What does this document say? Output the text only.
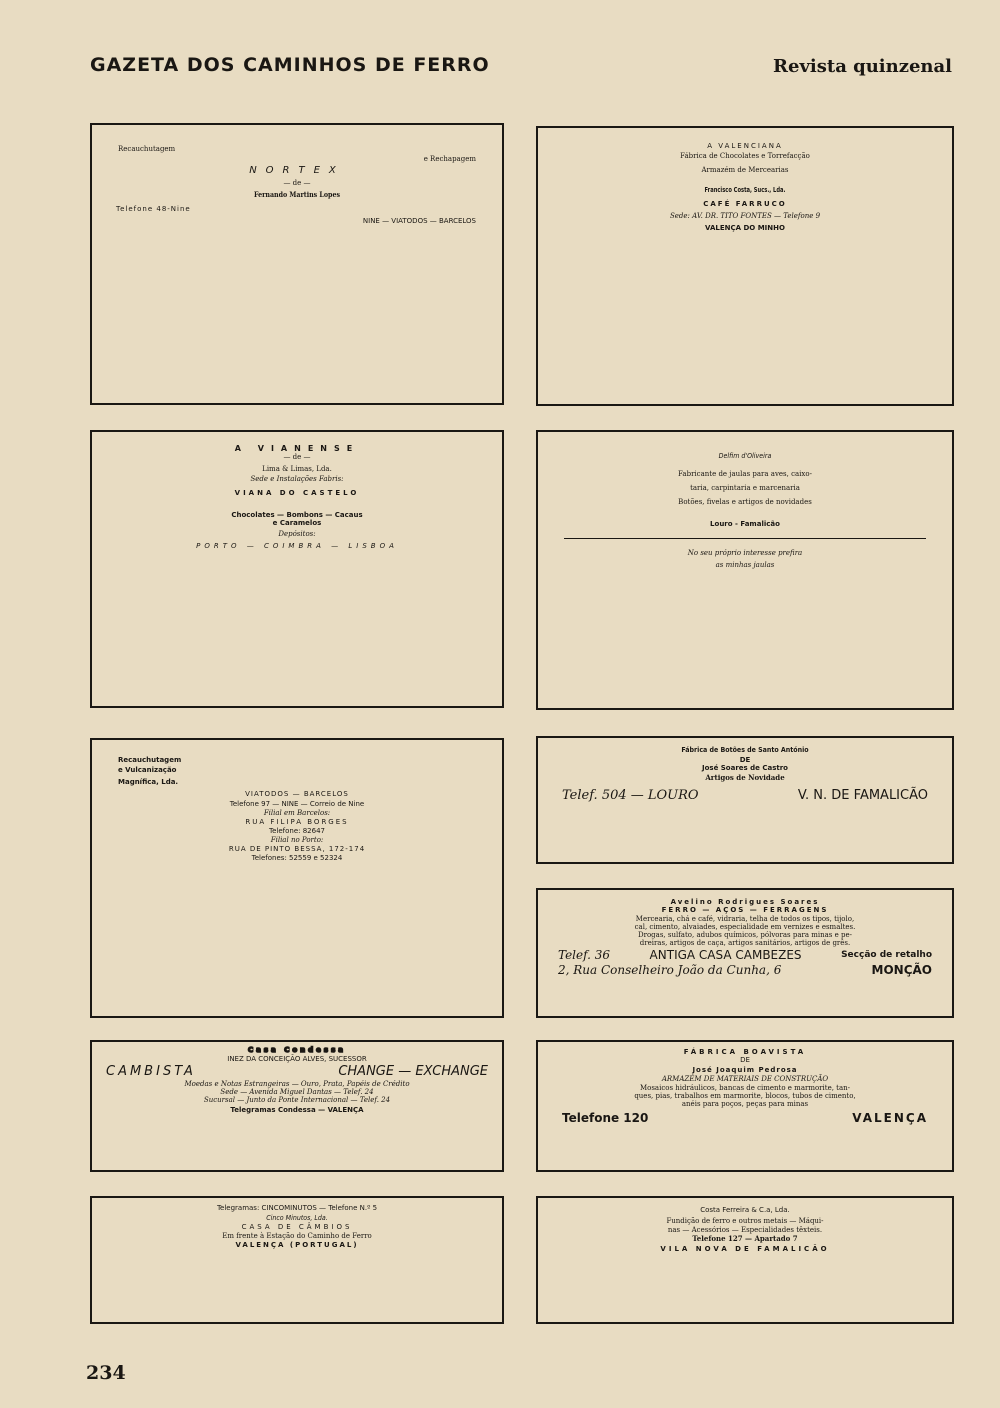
GAZETA DOS CAMINHOS DE FERRO	Revista quinzenal
Recauchutagem
e Rechapagem
NORTEX
— de —
Fernando Martins Lopes
Telefone 48-Nine
NINE — VIATODOS — BARCELOS
A VALENCIANA
Fábrica de Chocolates e Torrefacção
Armazém de Mercearias
Francisco Costa, Sucs., Lda.
CAFÉ FARRUCO
Sede: AV. DR. TITO FONTES — Telefone 9
VALENÇA DO MINHO
A VIANENSE
— de —
Lima & Limas, Lda.
Sede e Instalações Fabris:
VIANA DO CASTELO
Chocolates — Bombons — Cacaus
e Caramelos
Depósitos:
PORTO — COIMBRA — LISBOA
Delfim d'Oliveira
Fabricante de jaulas para aves, caixo-
taria, carpintaria e marcenaria
Botões, fivelas e artigos de novidades
Louro - Famalicão
No seu próprio interesse prefira
as minhas jaulas
Recauchutagem
e Vulcanização
Magnífica, Lda.
VIATODOS — BARCELOS
Telefone 97 — NINE — Correio de Nine
Filial em Barcelos:
RUA FILIPA BORGES
Telefone: 82647
Filial no Porto:
RUA DE PINTO BESSA, 172-174
Telefones: 52559 e 52324
Fábrica de Botões de Santo António
DE
José Soares de Castro
Artigos de Novidade
Telef. 504 — LOURO	V. N. DE FAMALICÃO
Avelino Rodrigues Soares
FERRO — AÇOS — FERRAGENS
Mercearia, chá e café, vidraria, telha de todos os tipos, tijolo,
cal, cimento, alvaiades, especialidade em vernizes e esmaltes.
Drogas, sulfato, adubos químicos, pólvoras para minas e pe-
dreiras, artigos de caça, artigos sanitários, artigos de grês.
Telef. 36	ANTIGA CASA CAMBEZES	Secção de retalho
2, Rua Conselheiro João da Cunha, 6	MONÇÃO
Casa Condessa
INEZ DA CONCEIÇÃO ALVES, SUCESSOR
CAMBISTA	CHANGE — EXCHANGE
Moedas e Notas Estrangeiras — Ouro, Prata, Papéis de Crédito
Sede — Avenida Miguel Dantas — Telef. 24
Sucursal — Junto da Ponte Internacional — Telef. 24
Telegramas Condessa — VALENÇA
FÁBRICA BOAVISTA
DE
José Joaquim Pedrosa
ARMAZÉM DE MATERIAIS DE CONSTRUÇÃO
Mosaicos hidráulicos, bancas de cimento e marmorite, tan-
ques, pias, trabalhos em marmorite, blocos, tubos de cimento,
anéis para poços, peças para minas
Telefone 120	VALENÇA
Telegramas: CINCOMINUTOS — Telefone N.º 5
Cinco Minutos, Lda.
CASA DE CÂMBIOS
Em frente à Estação do Caminho de Ferro
VALENÇA (PORTUGAL)
Costa Ferreira & C.a, Lda.
Fundição de ferro e outros metais — Máqui-
nas — Acessórios — Especialidades têxteis.
Telefone 127 — Apartado 7
VILA NOVA DE FAMALICÃO
234
